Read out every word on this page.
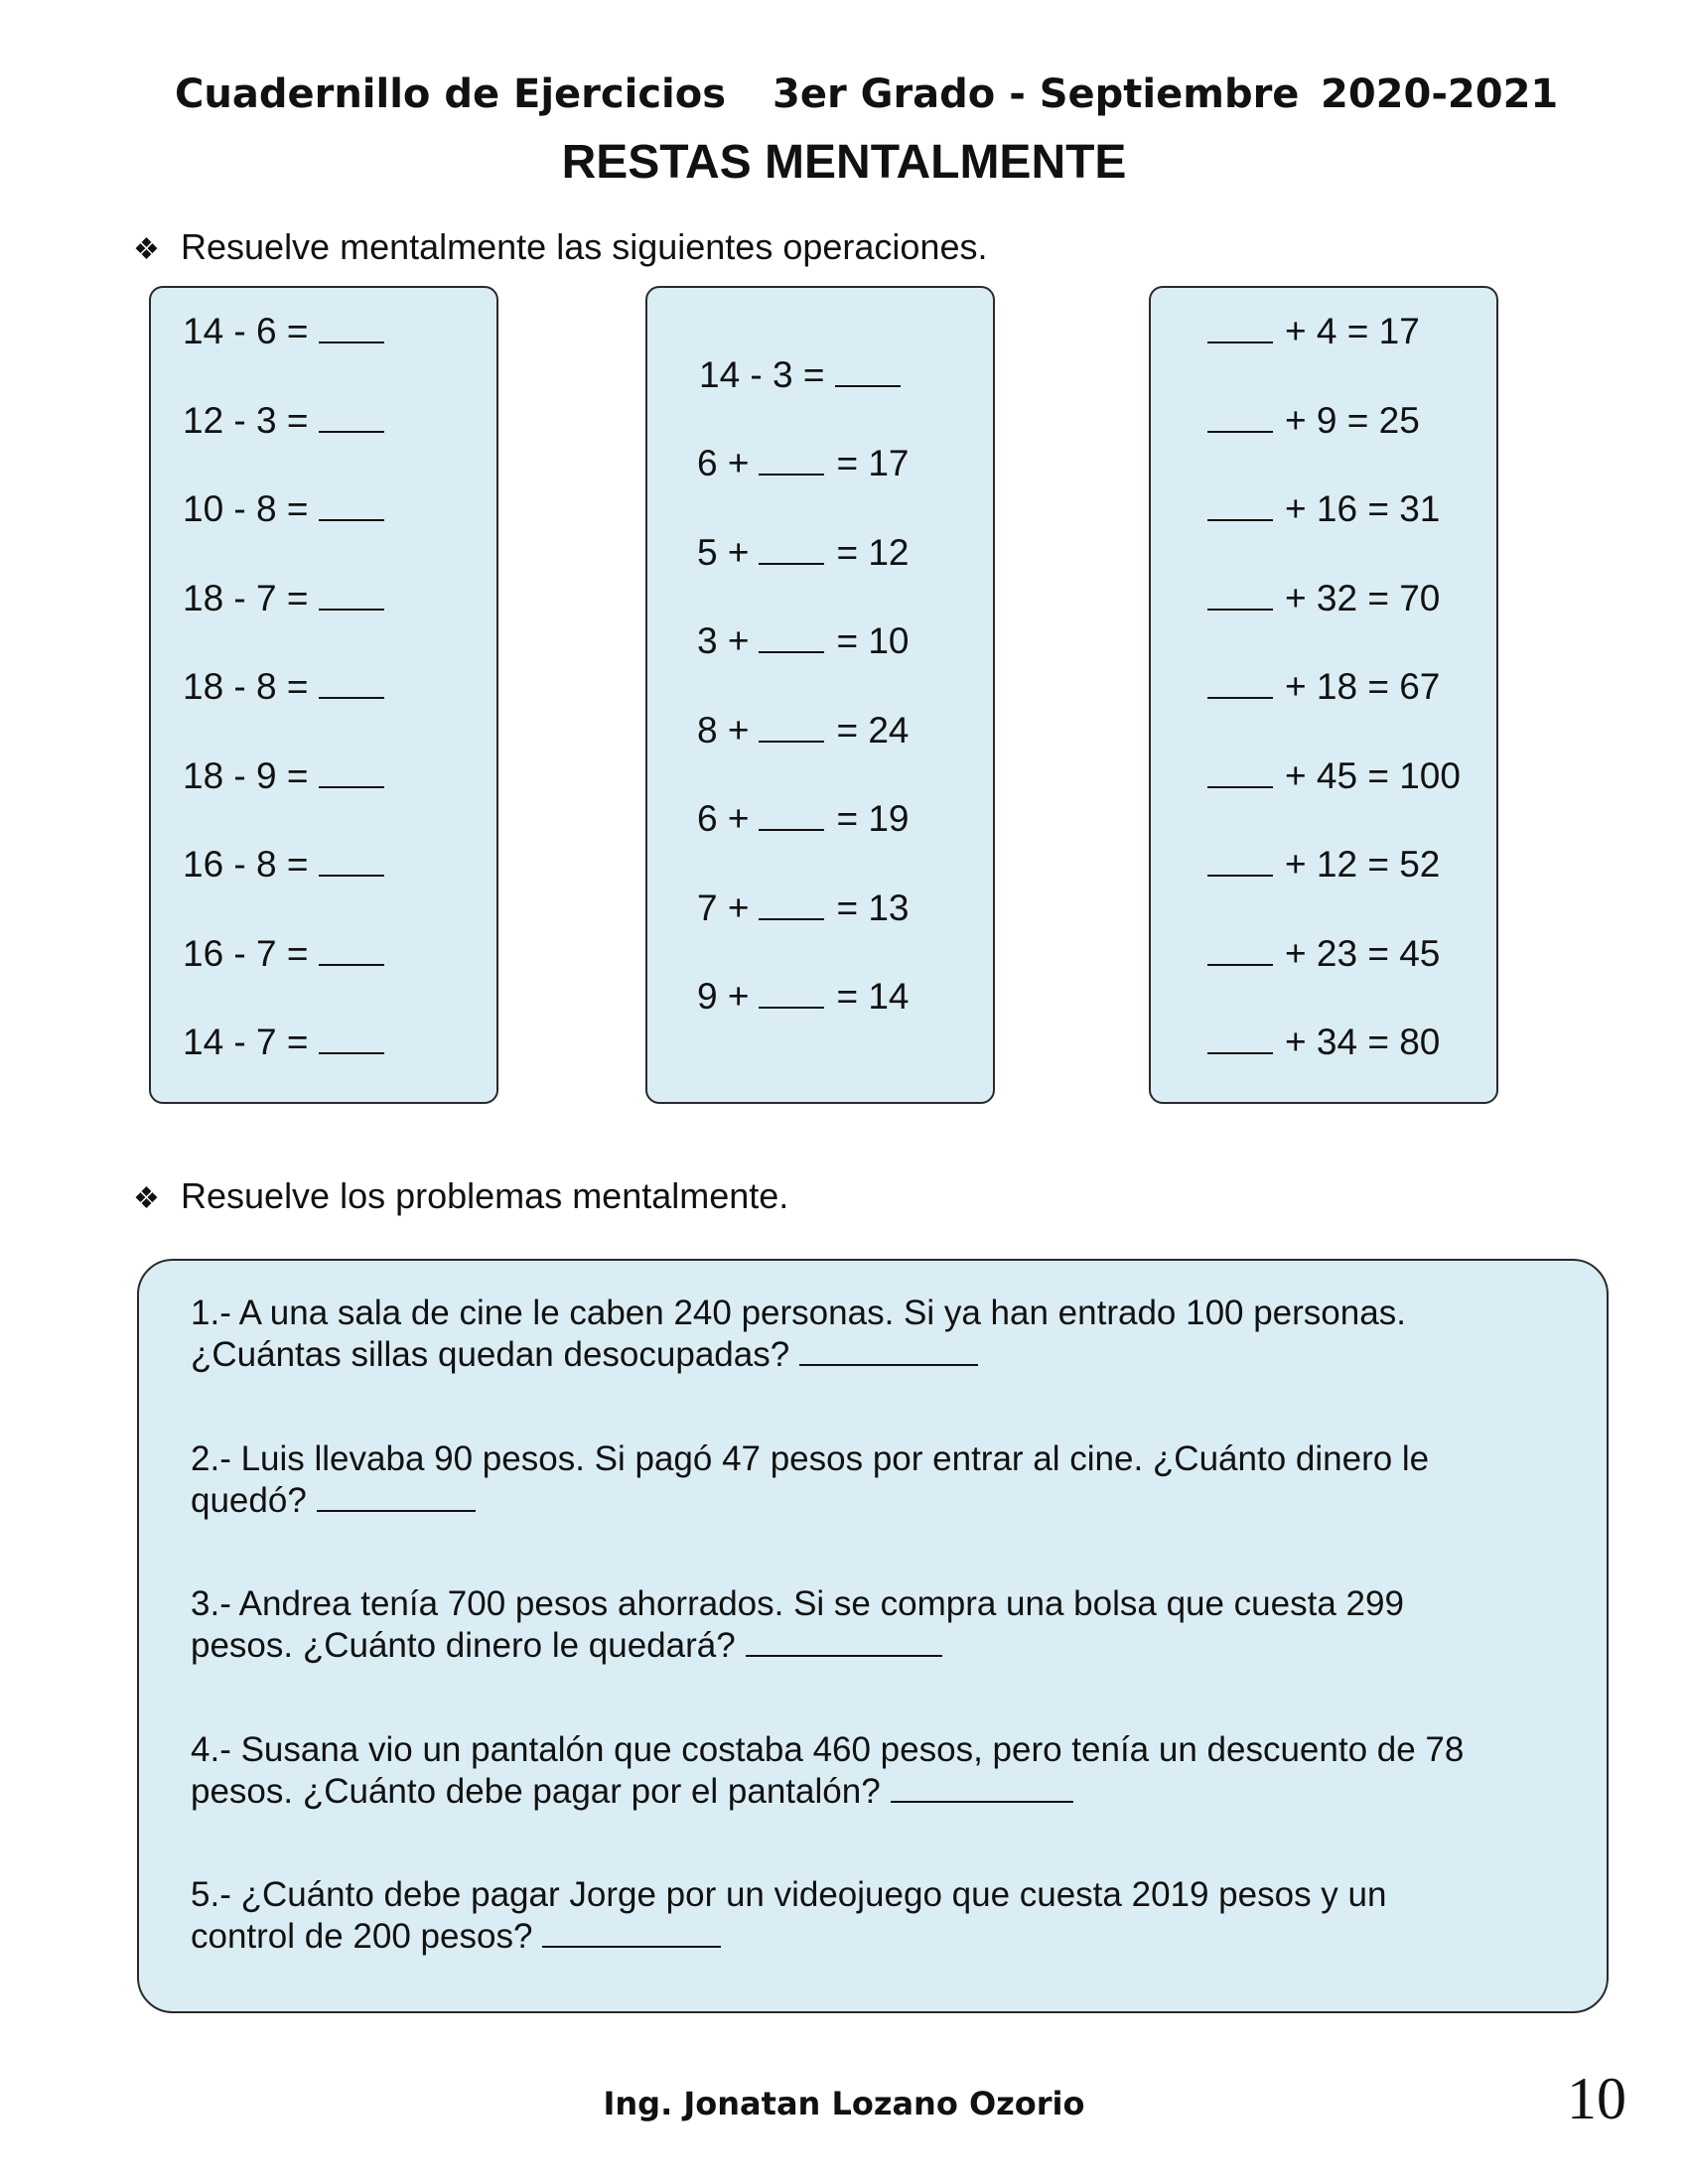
Cuadernillo de Ejercicios 3er Grado - Septiembre 2020-2021
RESTAS MENTALMENTE
❖ Resuelve mentalmente las siguientes operaciones.
14 - 6 =
12 - 3 =
10 - 8 =
18 - 7 =
18 - 8 =
18 - 9 =
16 - 8 =
16 - 7 =
14 - 7 =
14 - 3 =
6 + = 17
5 + = 12
3 + = 10
8 + = 24
6 + = 19
7 + = 13
9 + = 14
+ 4 = 17
+ 9 = 25
+ 16 = 31
+ 32 = 70
+ 18 = 67
+ 45 = 100
+ 12 = 52
+ 23 = 45
+ 34 = 80
❖ Resuelve los problemas mentalmente.
1.- A una sala de cine le caben 240 personas. Si ya han entrado 100 personas.
¿Cuántas sillas quedan desocupadas?
2.- Luis llevaba 90 pesos. Si pagó 47 pesos por entrar al cine. ¿Cuánto dinero le
quedó?
3.- Andrea tenía 700 pesos ahorrados. Si se compra una bolsa que cuesta 299
pesos. ¿Cuánto dinero le quedará?
4.- Susana vio un pantalón que costaba 460 pesos, pero tenía un descuento de 78
pesos. ¿Cuánto debe pagar por el pantalón?
5.- ¿Cuánto debe pagar Jorge por un videojuego que cuesta 2019 pesos y un
control de 200 pesos?
Ing. Jonatan Lozano Ozorio	10
